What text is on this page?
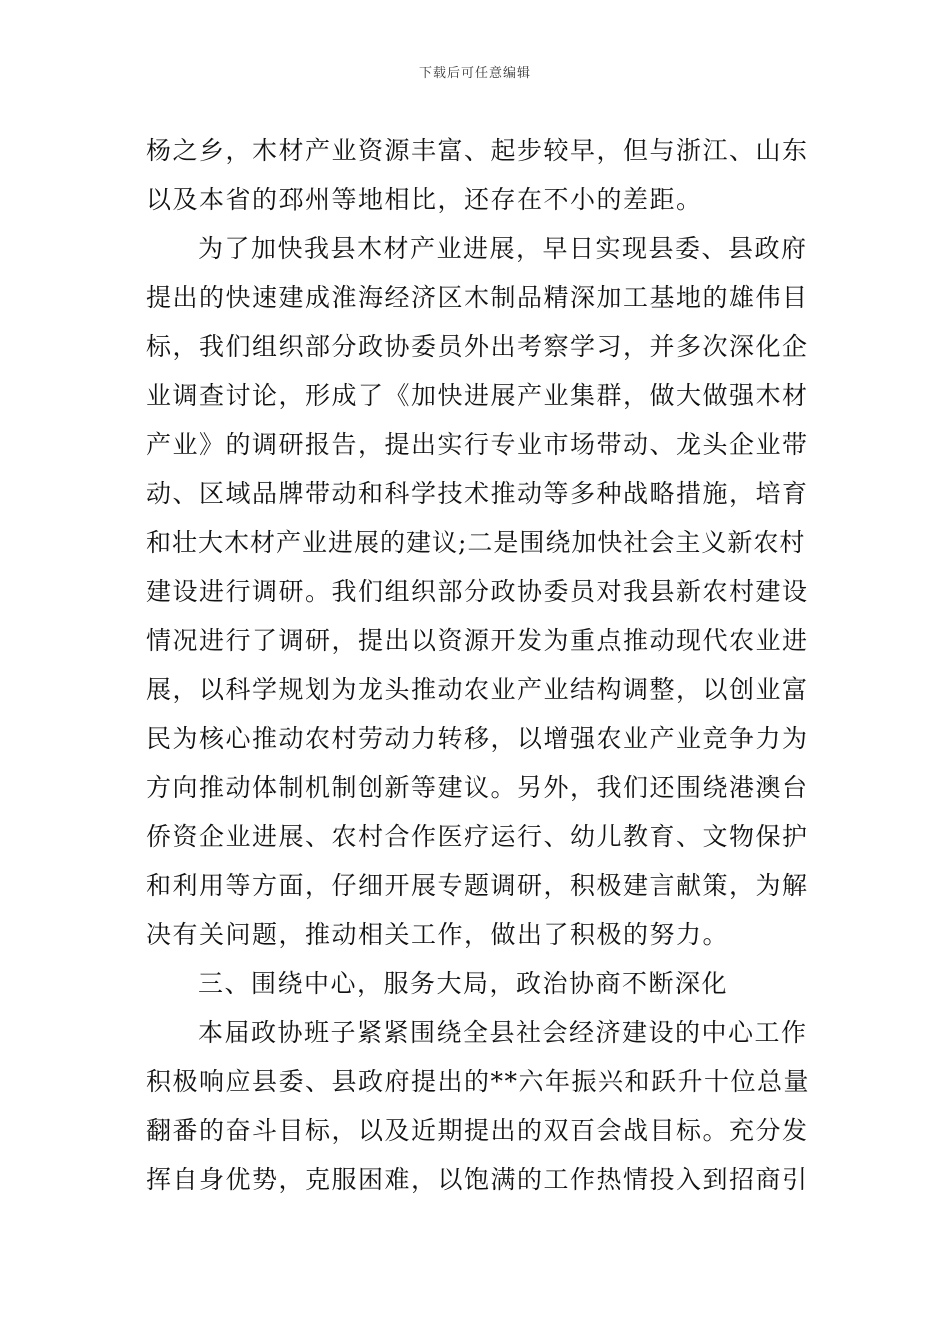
下载后可任意编辑
杨之乡，木材产业资源丰富、起步较早，但与浙江、山东
以及本省的邳州等地相比，还存在不小的差距。
为了加快我县木材产业进展，早日实现县委、县政府
提出的快速建成淮海经济区木制品精深加工基地的雄伟目
标，我们组织部分政协委员外出考察学习，并多次深化企
业调查讨论，形成了《加快进展产业集群，做大做强木材
产业》的调研报告，提出实行专业市场带动、龙头企业带
动、区域品牌带动和科学技术推动等多种战略措施，培育
和壮大木材产业进展的建议;二是围绕加快社会主义新农村
建设进行调研。我们组织部分政协委员对我县新农村建设
情况进行了调研，提出以资源开发为重点推动现代农业进
展，以科学规划为龙头推动农业产业结构调整，以创业富
民为核心推动农村劳动力转移，以增强农业产业竞争力为
方向推动体制机制创新等建议。另外，我们还围绕港澳台
侨资企业进展、农村合作医疗运行、幼儿教育、文物保护
和利用等方面，仔细开展专题调研，积极建言献策，为解
决有关问题，推动相关工作，做出了积极的努力。
三、围绕中心，服务大局，政治协商不断深化
本届政协班子紧紧围绕全县社会经济建设的中心工作
积极响应县委、县政府提出的**六年振兴和跃升十位总量
翻番的奋斗目标，以及近期提出的双百会战目标。充分发
挥自身优势，克服困难，以饱满的工作热情投入到招商引
